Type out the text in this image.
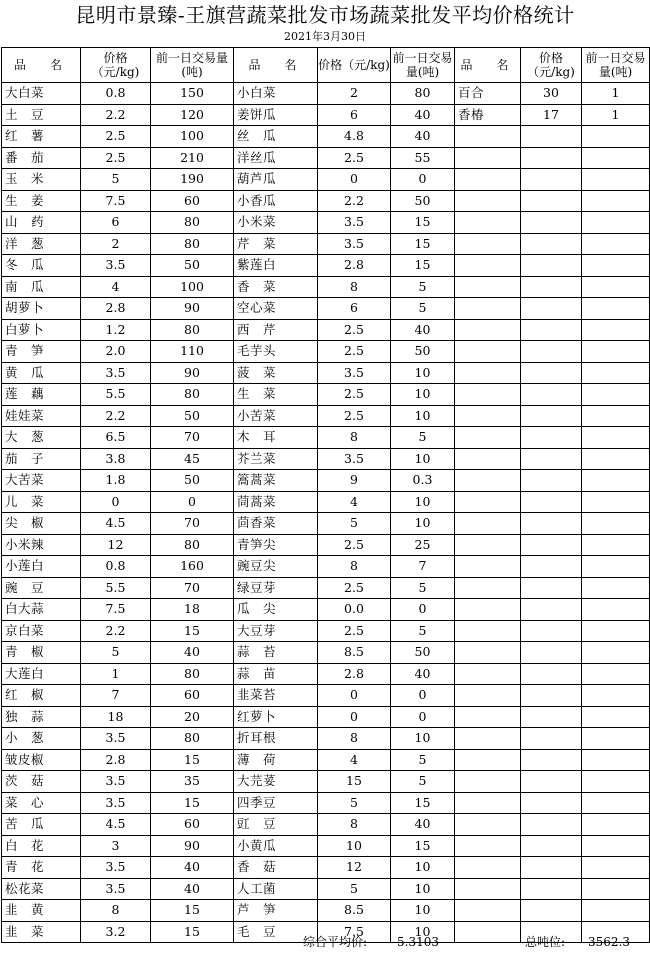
昆明市景臻-王旗营蔬菜批发市场蔬菜批发平均价格统计
2021年3月30日
品　名	价格（元/kg)	前一日交易量(吨)	品　名	价格（元/kg)	前一日交易量(吨)	品　名	价格（元/kg)	前一日交易量(吨)
大白菜	0.8	150	小白菜	2	80	百合	30	1
土　豆	2.2	120	姜饼瓜	6	40	香椿	17	1
红　薯	2.5	100	丝　瓜	4.8	40			
番　茄	2.5	210	洋丝瓜	2.5	55			
玉　米	5	190	葫芦瓜	0	0			
生　姜	7.5	60	小香瓜	2.2	50			
山　药	6	80	小米菜	3.5	15			
洋　葱	2	80	芹　菜	3.5	15			
冬　瓜	3.5	50	紫莲白	2.8	15			
南　瓜	4	100	香　菜	8	5			
胡萝卜	2.8	90	空心菜	6	5			
白萝卜	1.2	80	西　芹	2.5	40			
青　笋	2.0	110	毛芋头	2.5	50			
黄　瓜	3.5	90	菠　菜	3.5	10			
莲　藕	5.5	80	生　菜	2.5	10			
娃娃菜	2.2	50	小苦菜	2.5	10			
大　葱	6.5	70	木　耳	8	5			
茄　子	3.8	45	芥兰菜	3.5	10			
大苦菜	1.8	50	篙蒿菜	9	0.3			
儿　菜	0	0	茼蒿菜	4	10			
尖　椒	4.5	70	茴香菜	5	10			
小米辣	12	80	青笋尖	2.5	25			
小莲白	0.8	160	豌豆尖	8	7			
豌　豆	5.5	70	绿豆芽	2.5	5			
白大蒜	7.5	18	瓜　尖	0.0	0			
京白菜	2.2	15	大豆芽	2.5	5			
青　椒	5	40	蒜　苔	8.5	50			
大莲白	1	80	蒜　苗	2.8	40			
红　椒	7	60	韭菜苔	0	0			
独　蒜	18	20	红萝卜	0	0			
小　葱	3.5	80	折耳根	8	10			
皱皮椒	2.8	15	薄　荷	4	5			
茨　菇	3.5	35	大芫荽	15	5			
菜　心	3.5	15	四季豆	5	15			
苦　瓜	4.5	60	豇　豆	8	40			
白　花	3	90	小黄瓜	10	15			
青　花	3.5	40	香　菇	12	10			
松花菜	3.5	40	人工菌	5	10			
韭　黄	8	15	芦　笋	8.5	10			
韭　菜	3.2	15	毛　豆	7.5	10			
综合平均价: 5.3103	总吨位: 3562.3
